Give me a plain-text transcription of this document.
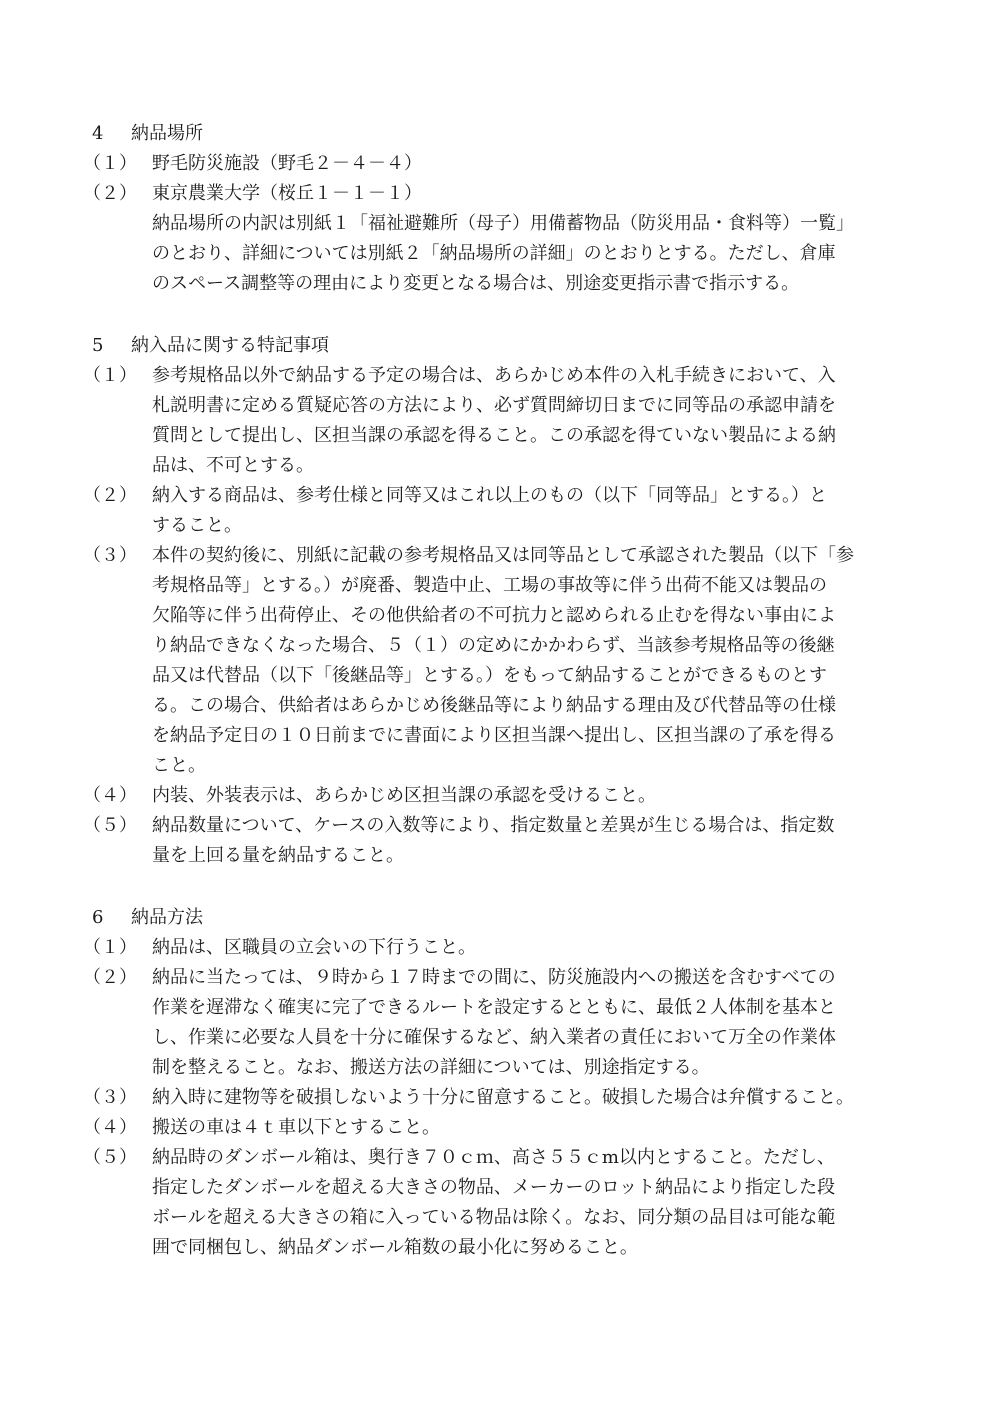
4 納品場所
（１） 野毛防災施設（野毛２－４－４）
（２） 東京農業大学（桜丘１－１－１）
納品場所の内訳は別紙１「福祉避難所（母子）用備蓄物品（防災用品・食料等）一覧」
のとおり、詳細については別紙２「納品場所の詳細」のとおりとする。ただし、倉庫
のスペース調整等の理由により変更となる場合は、別途変更指示書で指示する。
5 納入品に関する特記事項
（１） 参考規格品以外で納品する予定の場合は、あらかじめ本件の入札手続きにおいて、入
札説明書に定める質疑応答の方法により、必ず質問締切日までに同等品の承認申請を
質問として提出し、区担当課の承認を得ること。この承認を得ていない製品による納
品は、不可とする。
（２） 納入する商品は、参考仕様と同等又はこれ以上のもの（以下「同等品」とする。）と
すること。
（３） 本件の契約後に、別紙に記載の参考規格品又は同等品として承認された製品（以下「参
考規格品等」とする。）が廃番、製造中止、工場の事故等に伴う出荷不能又は製品の
欠陥等に伴う出荷停止、その他供給者の不可抗力と認められる止むを得ない事由によ
り納品できなくなった場合、５（１）の定めにかかわらず、当該参考規格品等の後継
品又は代替品（以下「後継品等」とする。）をもって納品することができるものとす
る。この場合、供給者はあらかじめ後継品等により納品する理由及び代替品等の仕様
を納品予定日の１０日前までに書面により区担当課へ提出し、区担当課の了承を得る
こと。
（４） 内装、外装表示は、あらかじめ区担当課の承認を受けること。
（５） 納品数量について、ケースの入数等により、指定数量と差異が生じる場合は、指定数
量を上回る量を納品すること。
6 納品方法
（１） 納品は、区職員の立会いの下行うこと。
（２） 納品に当たっては、９時から１７時までの間に、防災施設内への搬送を含むすべての
作業を遅滞なく確実に完了できるルートを設定するとともに、最低２人体制を基本と
し、作業に必要な人員を十分に確保するなど、納入業者の責任において万全の作業体
制を整えること。なお、搬送方法の詳細については、別途指定する。
（３） 納入時に建物等を破損しないよう十分に留意すること。破損した場合は弁償すること。
（４） 搬送の車は４ｔ車以下とすること。
（５） 納品時のダンボール箱は、奥行き７０ｃｍ、高さ５５ｃm以内とすること。ただし、
指定したダンボールを超える大きさの物品、メーカーのロット納品により指定した段
ボールを超える大きさの箱に入っている物品は除く。なお、同分類の品目は可能な範
囲で同梱包し、納品ダンボール箱数の最小化に努めること。
